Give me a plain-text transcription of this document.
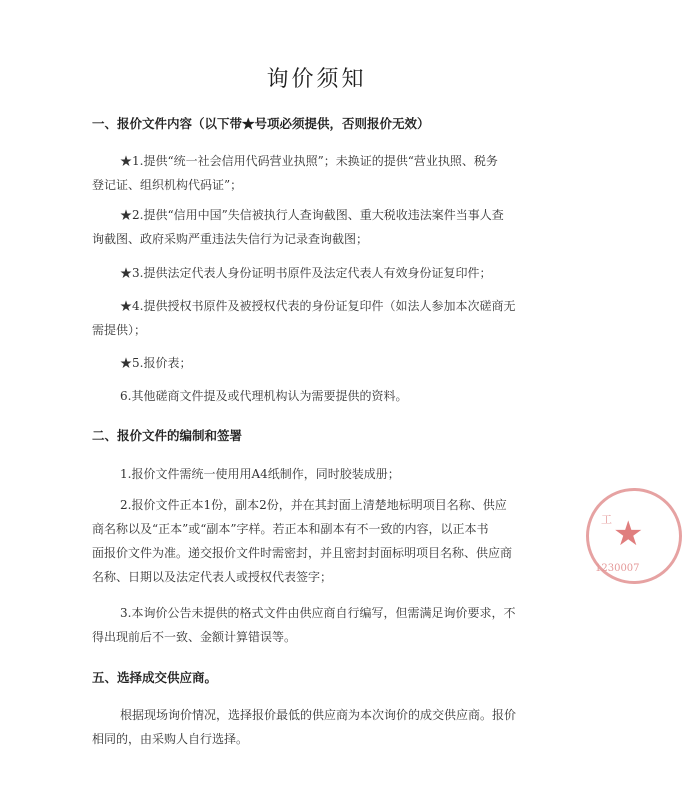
询价须知
一、报价文件内容（以下带★号项必须提供，否则报价无效）
★1.提供“统一社会信用代码营业执照”；未换证的提供“营业执照、税务
登记证、组织机构代码证”；
★2.提供“信用中国”失信被执行人查询截图、重大税收违法案件当事人查
询截图、政府采购严重违法失信行为记录查询截图；
★3.提供法定代表人身份证明书原件及法定代表人有效身份证复印件；
★4.提供授权书原件及被授权代表的身份证复印件（如法人参加本次磋商无
需提供）；
★5.报价表；
6.其他磋商文件提及或代理机构认为需要提供的资料。
二、报价文件的编制和签署
1.报价文件需统一使用用A4纸制作，同时胶装成册；
2.报价文件正本1份，副本2份，并在其封面上清楚地标明项目名称、供应
商名称以及“正本”或“副本”字样。若正本和副本有不一致的内容，以正本书
面报价文件为准。递交报价文件时需密封，并且密封封面标明项目名称、供应商
名称、日期以及法定代表人或授权代表签字；
3.本询价公告未提供的格式文件由供应商自行编写，但需满足询价要求，不
得出现前后不一致、金额计算错误等。
五、选择成交供应商。
根据现场询价情况，选择报价最低的供应商为本次询价的成交供应商。报价
相同的，由采购人自行选择。
工 ★
1230007
